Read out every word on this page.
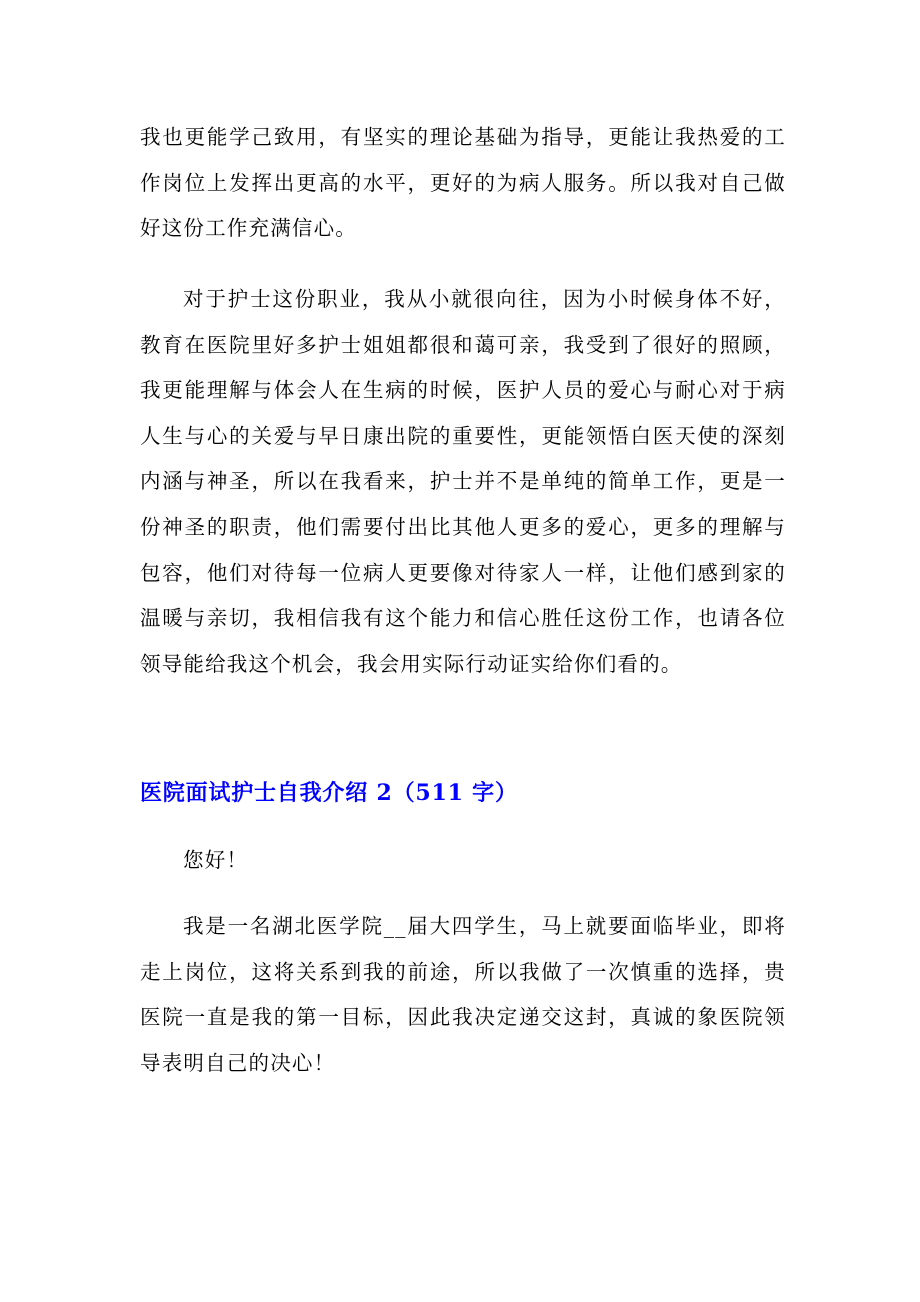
我也更能学己致用，有坚实的理论基础为指导，更能让我热爱的工作岗位上发挥出更高的水平，更好的为病人服务。所以我对自己做好这份工作充满信心。

对于护士这份职业，我从小就很向往，因为小时候身体不好，教育在医院里好多护士姐姐都很和蔼可亲，我受到了很好的照顾，我更能理解与体会人在生病的时候，医护人员的爱心与耐心对于病人生与心的关爱与早日康出院的重要性，更能领悟白医天使的深刻内涵与神圣，所以在我看来，护士并不是单纯的简单工作，更是一份神圣的职责，他们需要付出比其他人更多的爱心，更多的理解与包容，他们对待每一位病人更要像对待家人一样，让他们感到家的温暖与亲切，我相信我有这个能力和信心胜任这份工作，也请各位领导能给我这个机会，我会用实际行动证实给你们看的。

医院面试护士自我介绍 2（511 字）

您好！

我是一名湖北医学院__届大四学生，马上就要面临毕业，即将走上岗位，这将关系到我的前途，所以我做了一次慎重的选择，贵医院一直是我的第一目标，因此我决定递交这封，真诚的象医院领导表明自己的决心！
